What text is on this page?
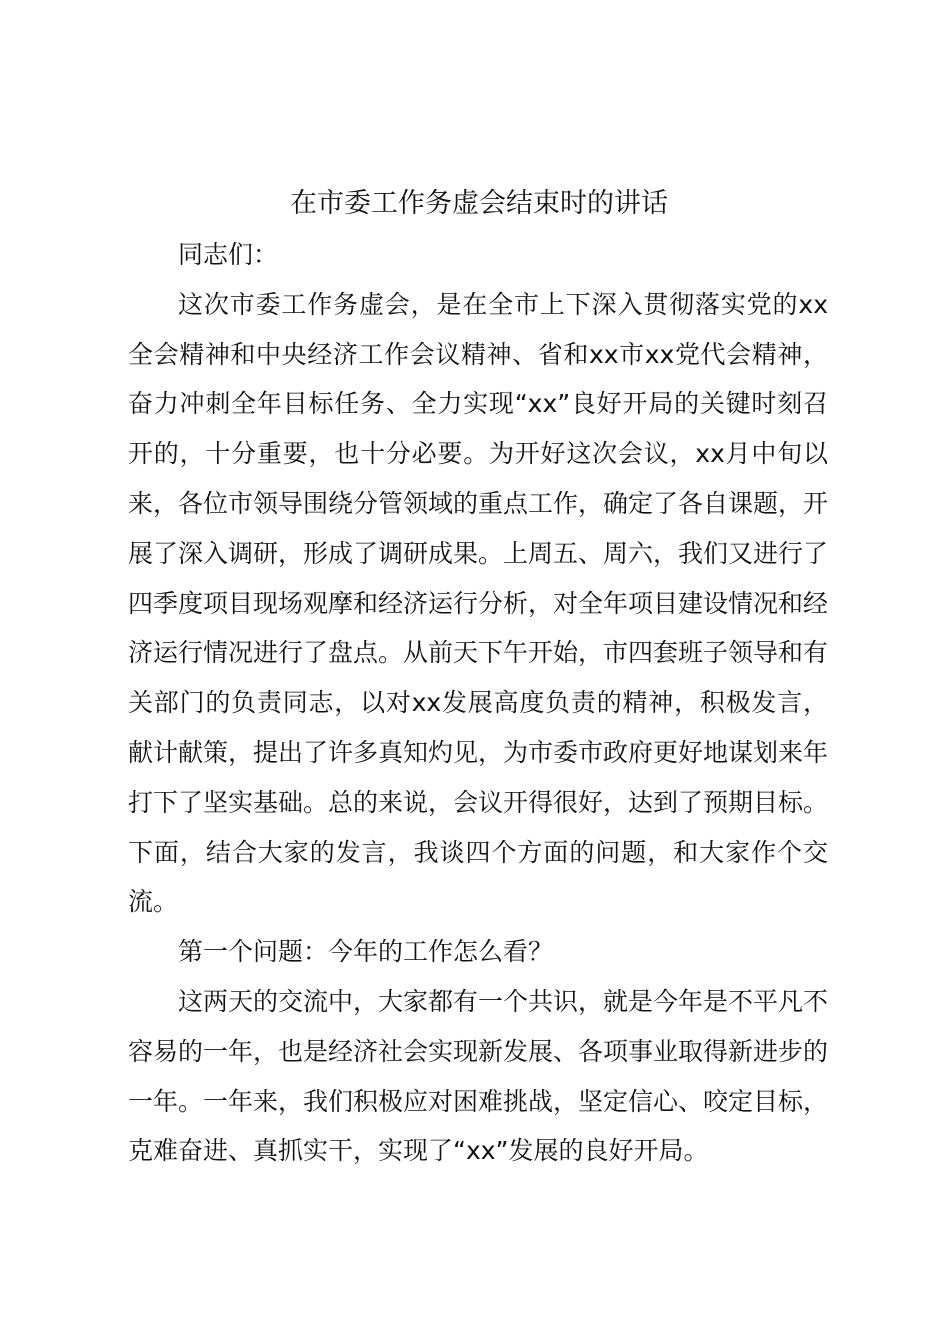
在市委工作务虚会结束时的讲话

同志们：

这次市委工作务虚会，是在全市上下深入贯彻落实党的xx全会精神和中央经济工作会议精神、省和xx市xx党代会精神，奋力冲刺全年目标任务、全力实现“xx”良好开局的关键时刻召开的，十分重要，也十分必要。为开好这次会议，xx月中旬以来，各位市领导围绕分管领域的重点工作，确定了各自课题，开展了深入调研，形成了调研成果。上周五、周六，我们又进行了四季度项目现场观摩和经济运行分析，对全年项目建设情况和经济运行情况进行了盘点。从前天下午开始，市四套班子领导和有关部门的负责同志，以对xx发展高度负责的精神，积极发言，献计献策，提出了许多真知灼见，为市委市政府更好地谋划来年打下了坚实基础。总的来说，会议开得很好，达到了预期目标。下面，结合大家的发言，我谈四个方面的问题，和大家作个交流。

第一个问题：今年的工作怎么看？

这两天的交流中，大家都有一个共识，就是今年是不平凡不容易的一年，也是经济社会实现新发展、各项事业取得新进步的一年。一年来，我们积极应对困难挑战，坚定信心、咬定目标，克难奋进、真抓实干，实现了“xx”发展的良好开局。
